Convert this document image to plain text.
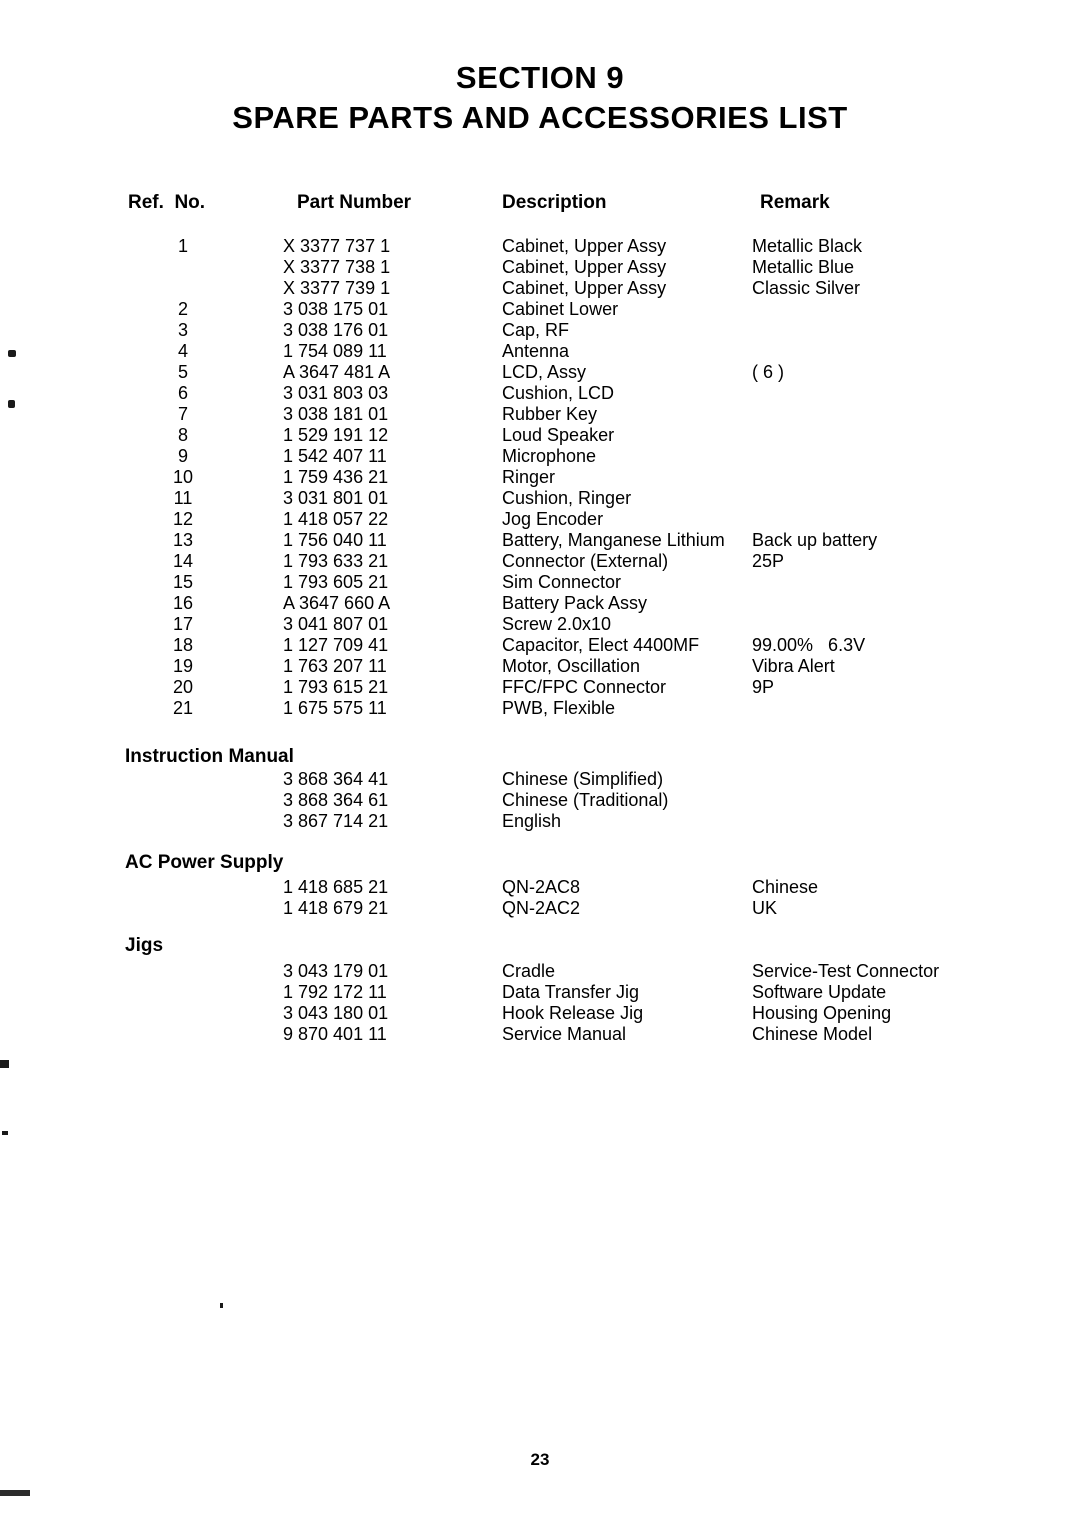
SECTION 9
SPARE PARTS AND ACCESSORIES LIST
Ref.  No.	Part Number	Description	Remark
1	X 3377 737 1	Cabinet, Upper Assy	Metallic Black
X 3377 738 1	Cabinet, Upper Assy	Metallic Blue
X 3377 739 1	Cabinet, Upper Assy	Classic Silver
2	3 038 175 01	Cabinet Lower
3	3 038 176 01	Cap, RF
4	1 754 089 11	Antenna
5	A 3647 481 A	LCD, Assy	( 6 )
6	3 031 803 03	Cushion, LCD
7	3 038 181 01	Rubber Key
8	1 529 191 12	Loud Speaker
9	1 542 407 11	Microphone
10	1 759 436 21	Ringer
11	3 031 801 01	Cushion, Ringer
12	1 418 057 22	Jog Encoder
13	1 756 040 11	Battery, Manganese Lithium	Back up battery
14	1 793 633 21	Connector (External)	25P
15	1 793 605 21	Sim Connector
16	A 3647 660 A	Battery Pack Assy
17	3 041 807 01	Screw 2.0x10
18	1 127 709 41	Capacitor, Elect 4400MF	99.00%   6.3V
19	1 763 207 11	Motor, Oscillation	Vibra Alert
20	1 793 615 21	FFC/FPC Connector	9P
21	1 675 575 11	PWB, Flexible
Instruction Manual
3 868 364 41	Chinese (Simplified)
3 868 364 61	Chinese (Traditional)
3 867 714 21	English
AC Power Supply
1 418 685 21	QN-2AC8	Chinese
1 418 679 21	QN-2AC2	UK
Jigs
3 043 179 01	Cradle	Service-Test Connector
1 792 172 11	Data Transfer Jig	Software Update
3 043 180 01	Hook Release Jig	Housing Opening
9 870 401 11	Service Manual	Chinese Model
23
